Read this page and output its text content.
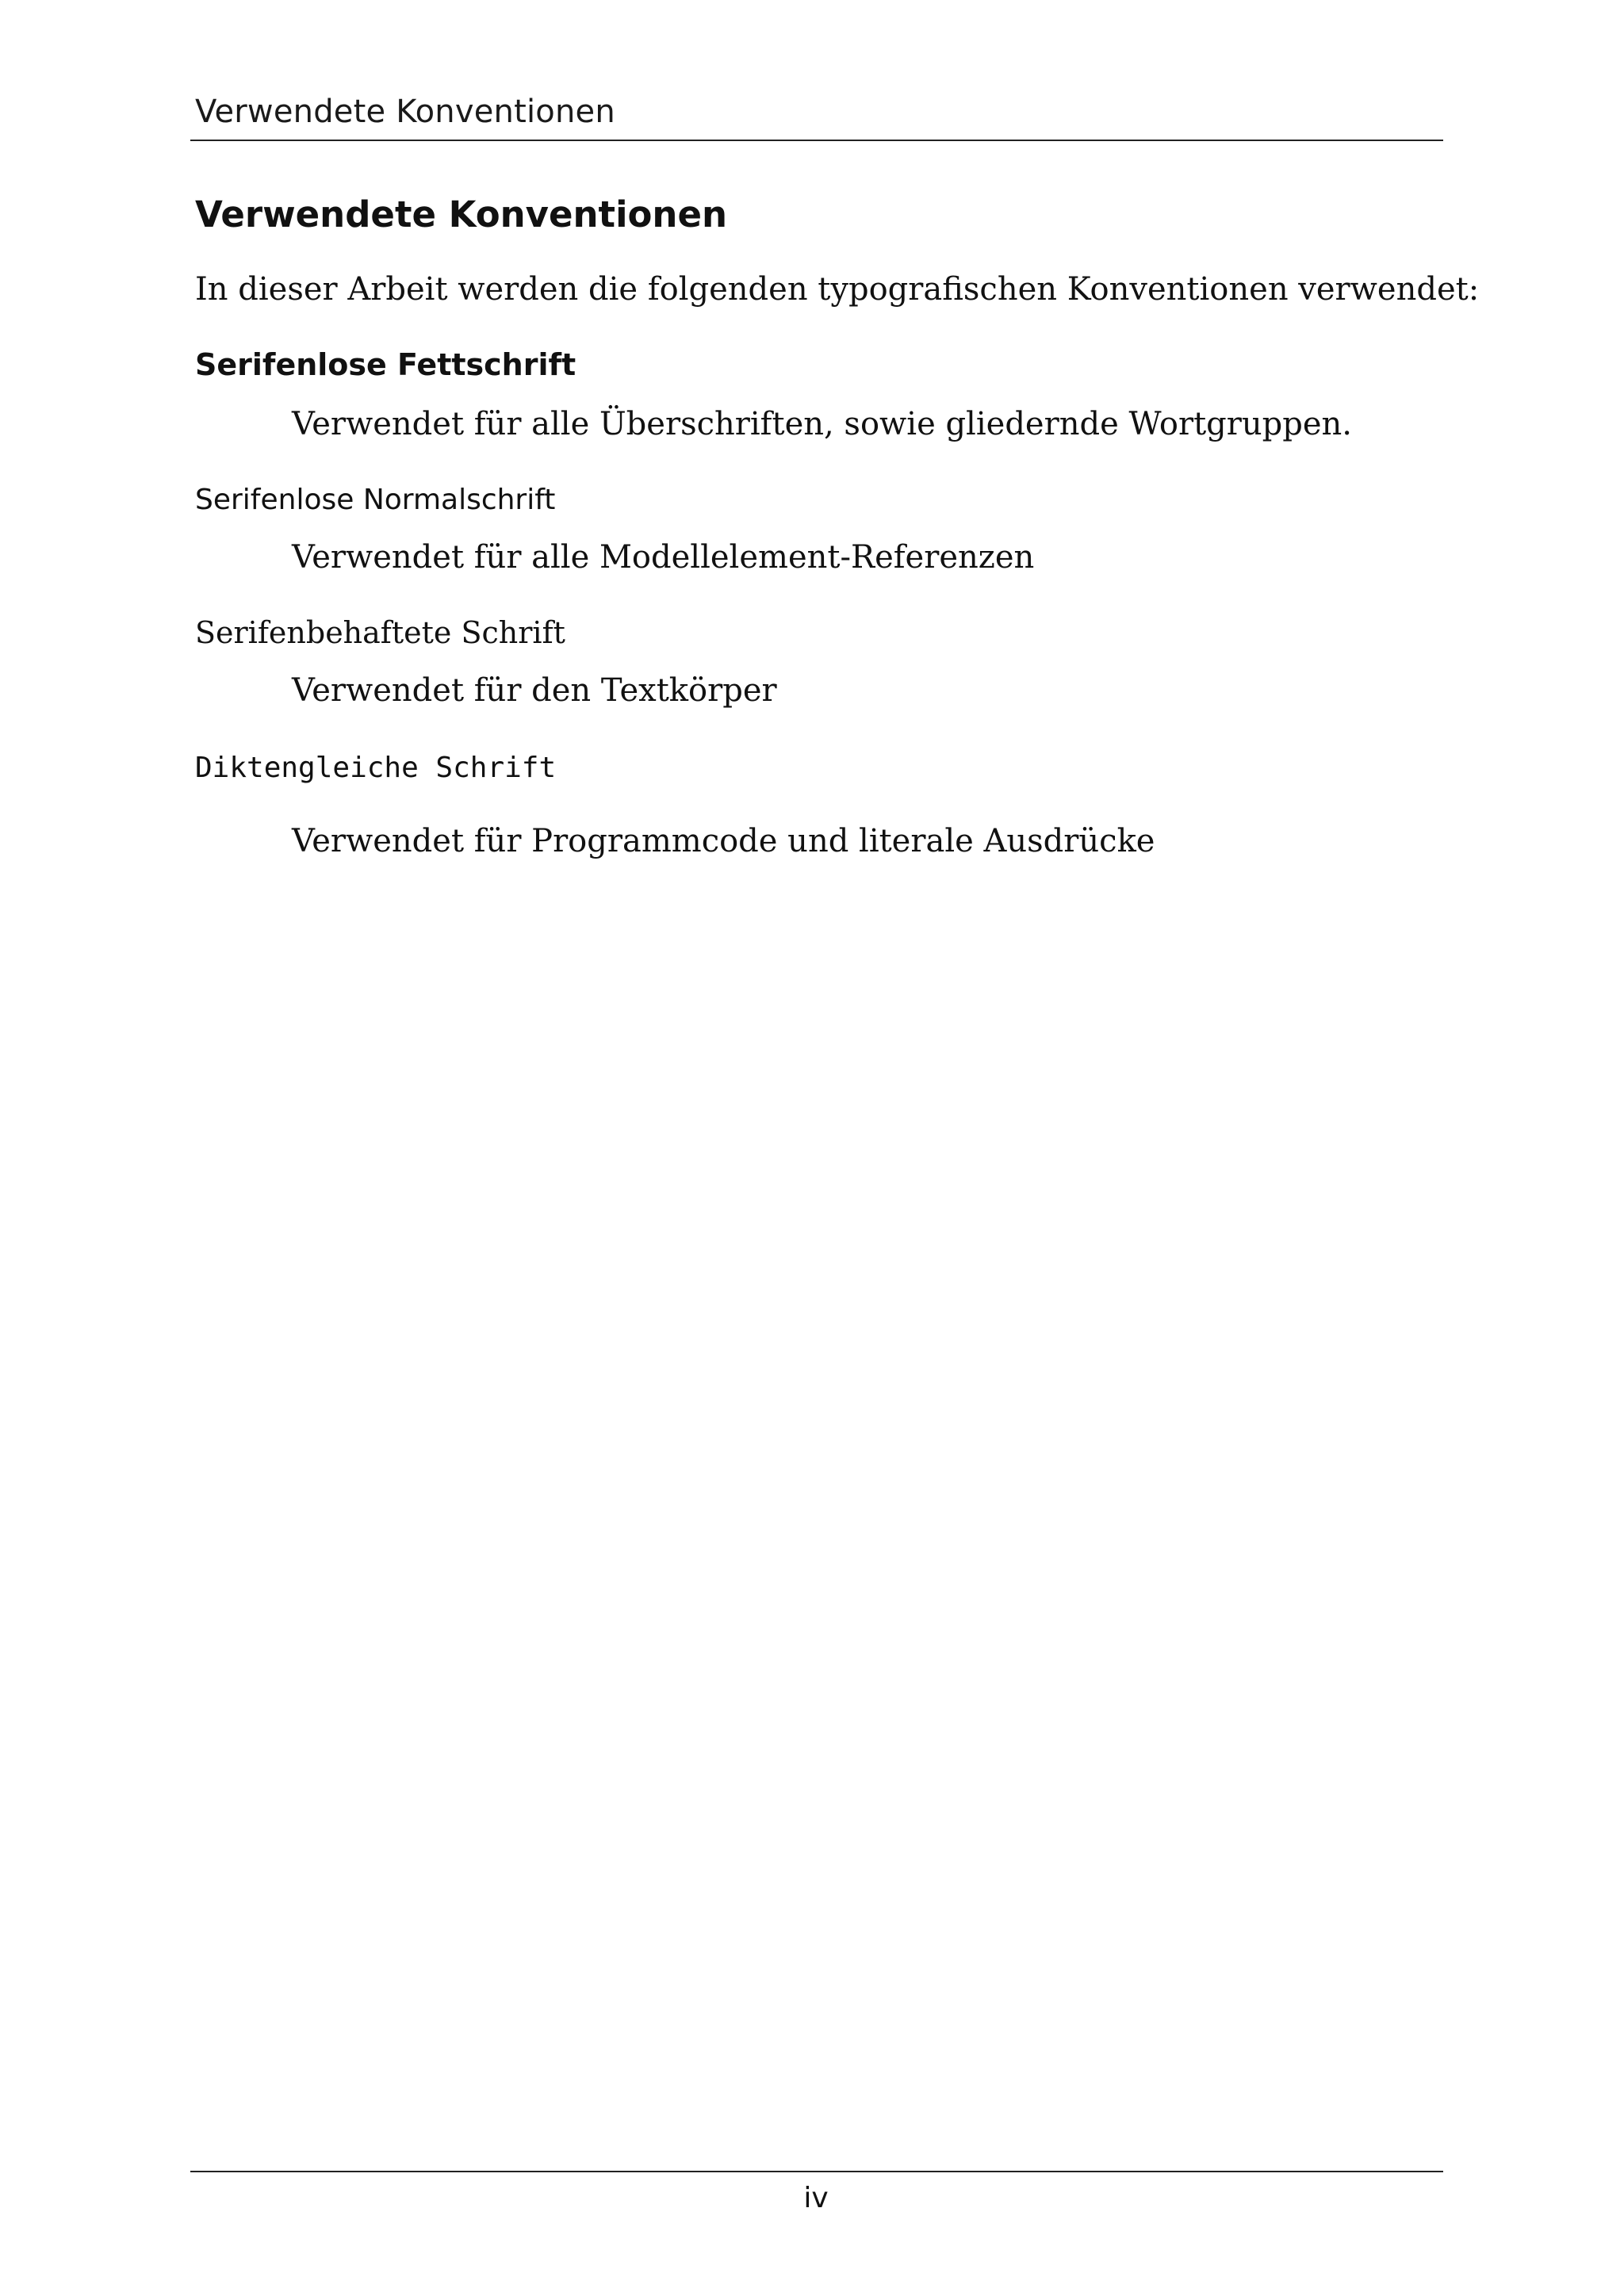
Verwendete Konventionen
Verwendete Konventionen
In dieser Arbeit werden die folgenden typografischen Konventionen verwendet:
Serifenlose Fettschrift
Verwendet für alle Überschriften, sowie gliedernde Wortgruppen.
Serifenlose Normalschrift
Verwendet für alle Modellelement-Referenzen
Serifenbehaftete Schrift
Verwendet für den Textkörper
Diktengleiche Schrift
Verwendet für Programmcode und literale Ausdrücke
iv
